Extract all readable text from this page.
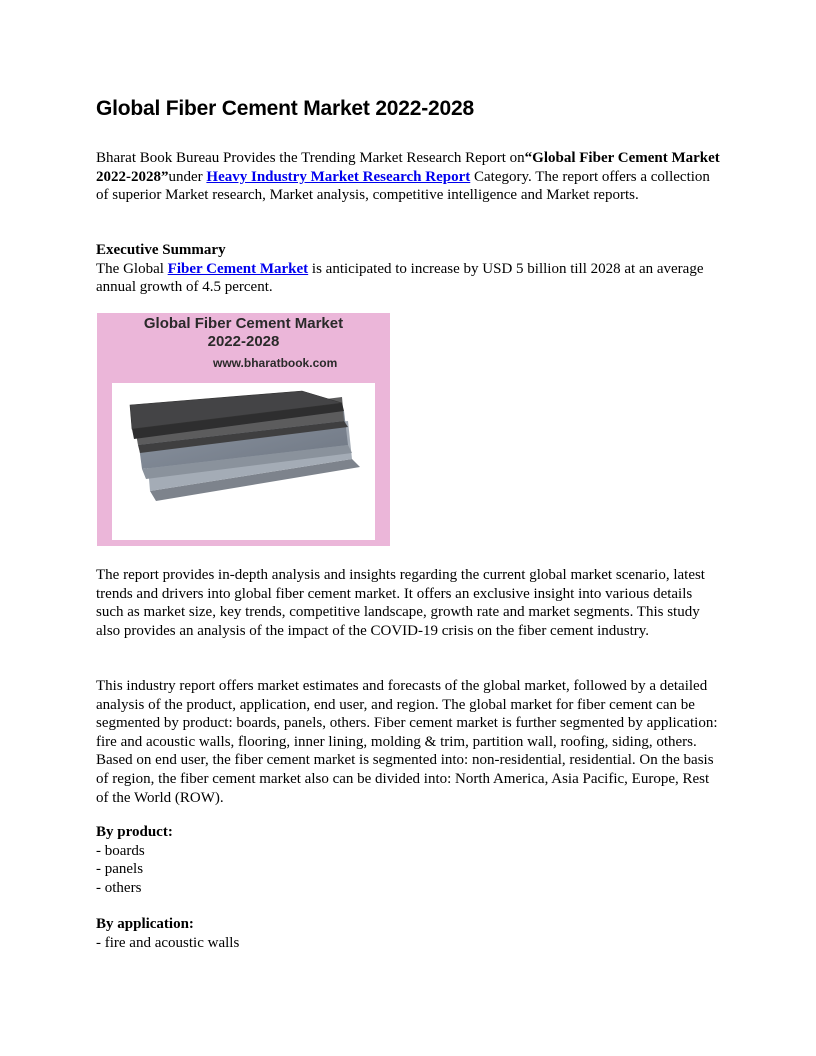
Global Fiber Cement Market 2022-2028

Bharat Book Bureau Provides the Trending Market Research Report on“Global Fiber Cement Market 2022-2028”under Heavy Industry Market Research Report Category. The report offers a collection of superior Market research, Market analysis, competitive intelligence and Market reports.

Executive Summary
The Global Fiber Cement Market is anticipated to increase by USD 5 billion till 2028 at an average annual growth of 4.5 percent.

Global Fiber Cement Market
2022-2028
www.bharatbook.com

The report provides in-depth analysis and insights regarding the current global market scenario, latest trends and drivers into global fiber cement market. It offers an exclusive insight into various details such as market size, key trends, competitive landscape, growth rate and market segments. This study also provides an analysis of the impact of the COVID-19 crisis on the fiber cement industry.

This industry report offers market estimates and forecasts of the global market, followed by a detailed analysis of the product, application, end user, and region. The global market for fiber cement can be segmented by product: boards, panels, others. Fiber cement market is further segmented by application: fire and acoustic walls, flooring, inner lining, molding & trim, partition wall, roofing, siding, others. Based on end user, the fiber cement market is segmented into: non-residential, residential. On the basis of region, the fiber cement market also can be divided into: North America, Asia Pacific, Europe, Rest of the World (ROW).

By product:
- boards
- panels
- others
By application:
- fire and acoustic walls
